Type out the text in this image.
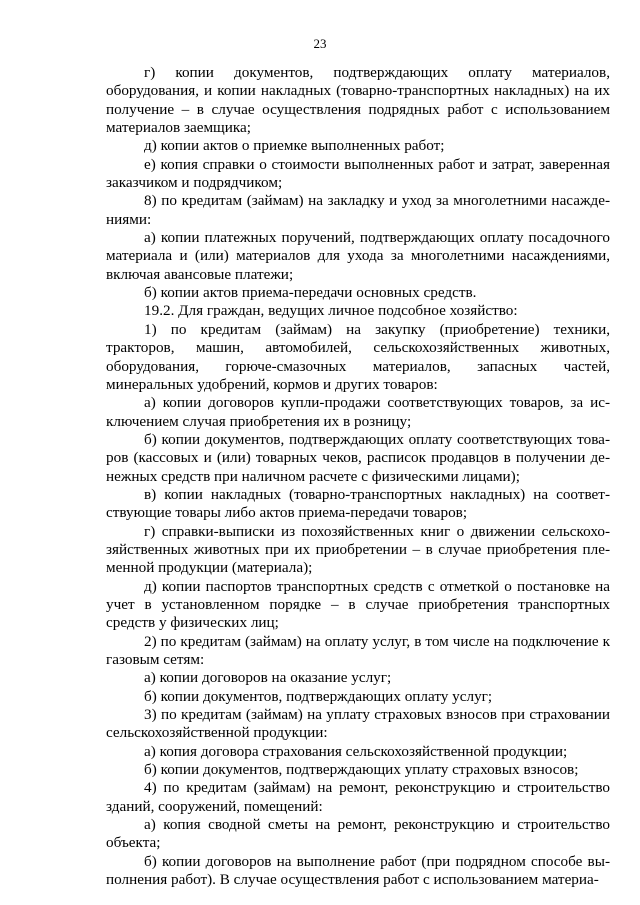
23

г) копии документов, подтверждающих оплату материалов, оборудования, и копии накладных (товарно-транспортных накладных) на их получение – в случае осуществления подрядных работ с использованием материалов заемщика;

д) копии актов о приемке выполненных работ;

е) копия справки о стоимости выполненных работ и затрат, заверенная заказчиком и подрядчиком;

8) по кредитам (займам) на закладку и уход за многолетними насаждениями:

а) копии платежных поручений, подтверждающих оплату посадочного материала и (или) материалов для ухода за многолетними насаждениями, включая авансовые платежи;

б) копии актов приема-передачи основных средств.

19.2. Для граждан, ведущих личное подсобное хозяйство:

1) по кредитам (займам) на закупку (приобретение) техники, тракторов, машин, автомобилей, сельскохозяйственных животных, оборудования, горюче-смазочных материалов, запасных частей, минеральных удобрений, кормов и других товаров:

а) копии договоров купли-продажи соответствующих товаров, за исключением случая приобретения их в розницу;

б) копии документов, подтверждающих оплату соответствующих товаров (кассовых и (или) товарных чеков, расписок продавцов в получении денежных средств при наличном расчете с физическими лицами);

в) копии накладных (товарно-транспортных накладных) на соответствующие товары либо актов приема-передачи товаров;

г) справки-выписки из похозяйственных книг о движении сельскохозяйственных животных при их приобретении – в случае приобретения племенной продукции (материала);

д) копии паспортов транспортных средств с отметкой о постановке на учет в установленном порядке – в случае приобретения транспортных средств у физических лиц;

2) по кредитам (займам) на оплату услуг, в том числе на подключение к газовым сетям:

а) копии договоров на оказание услуг;

б) копии документов, подтверждающих оплату услуг;

3) по кредитам (займам) на уплату страховых взносов при страховании сельскохозяйственной продукции:

а) копия договора страхования сельскохозяйственной продукции;

б) копии документов, подтверждающих уплату страховых взносов;

4) по кредитам (займам) на ремонт, реконструкцию и строительство зданий, сооружений, помещений:

а) копия сводной сметы на ремонт, реконструкцию и строительство объекта;

б) копии договоров на выполнение работ (при подрядном способе выполнения работ). В случае осуществления работ с использованием материа-
